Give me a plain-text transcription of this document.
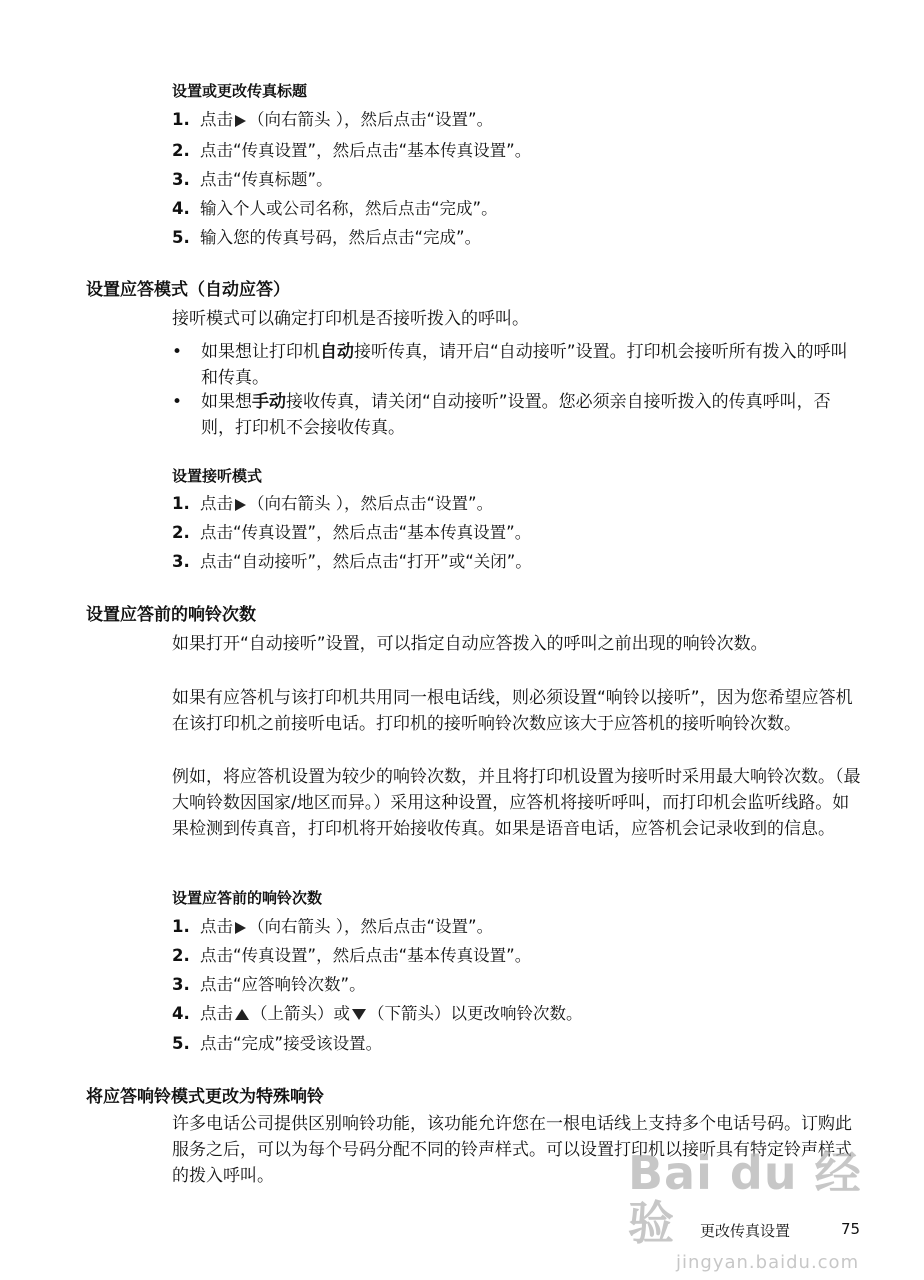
设置或更改传真标题
1. 点击 （向右箭头 ），然后点击“设置”。
2. 点击“传真设置”，然后点击“基本传真设置”。
3. 点击“传真标题”。
4. 输入个人或公司名称，然后点击“完成”。
5. 输入您的传真号码，然后点击“完成”。
设置应答模式（自动应答）
接听模式可以确定打印机是否接听拨入的呼叫。
• 如果想让打印机自动接听传真，请开启“自动接听”设置。打印机会接听所有拨入的呼叫和传真。
• 如果想手动接收传真，请关闭“自动接听”设置。您必须亲自接听拨入的传真呼叫，否则，打印机不会接收传真。
设置接听模式
1. 点击 （向右箭头 ），然后点击“设置”。
2. 点击“传真设置”，然后点击“基本传真设置”。
3. 点击“自动接听”，然后点击“打开”或“关闭”。
设置应答前的响铃次数
如果打开“自动接听”设置，可以指定自动应答拨入的呼叫之前出现的响铃次数。
如果有应答机与该打印机共用同一根电话线，则必须设置“响铃以接听”，因为您希望应答机在该打印机之前接听电话。打印机的接听响铃次数应该大于应答机的接听响铃次数。
例如，将应答机设置为较少的响铃次数，并且将打印机设置为接听时采用最大响铃次数。（最大响铃数因国家/地区而异。）采用这种设置，应答机将接听呼叫，而打印机会监听线路。如果检测到传真音，打印机将开始接收传真。如果是语音电话，应答机会记录收到的信息。
设置应答前的响铃次数
1. 点击 （向右箭头 ），然后点击“设置”。
2. 点击“传真设置”，然后点击“基本传真设置”。
3. 点击“应答响铃次数”。
4. 点击 （上箭头）或 （下箭头）以更改响铃次数。
5. 点击“完成”接受该设置。
将应答响铃模式更改为特殊响铃
许多电话公司提供区别响铃功能，该功能允许您在一根电话线上支持多个电话号码。订购此服务之后，可以为每个号码分配不同的铃声样式。可以设置打印机以接听具有特定铃声样式的拨入呼叫。	Bai du 经验
jingyan.baidu.com
更改传真设置	75
